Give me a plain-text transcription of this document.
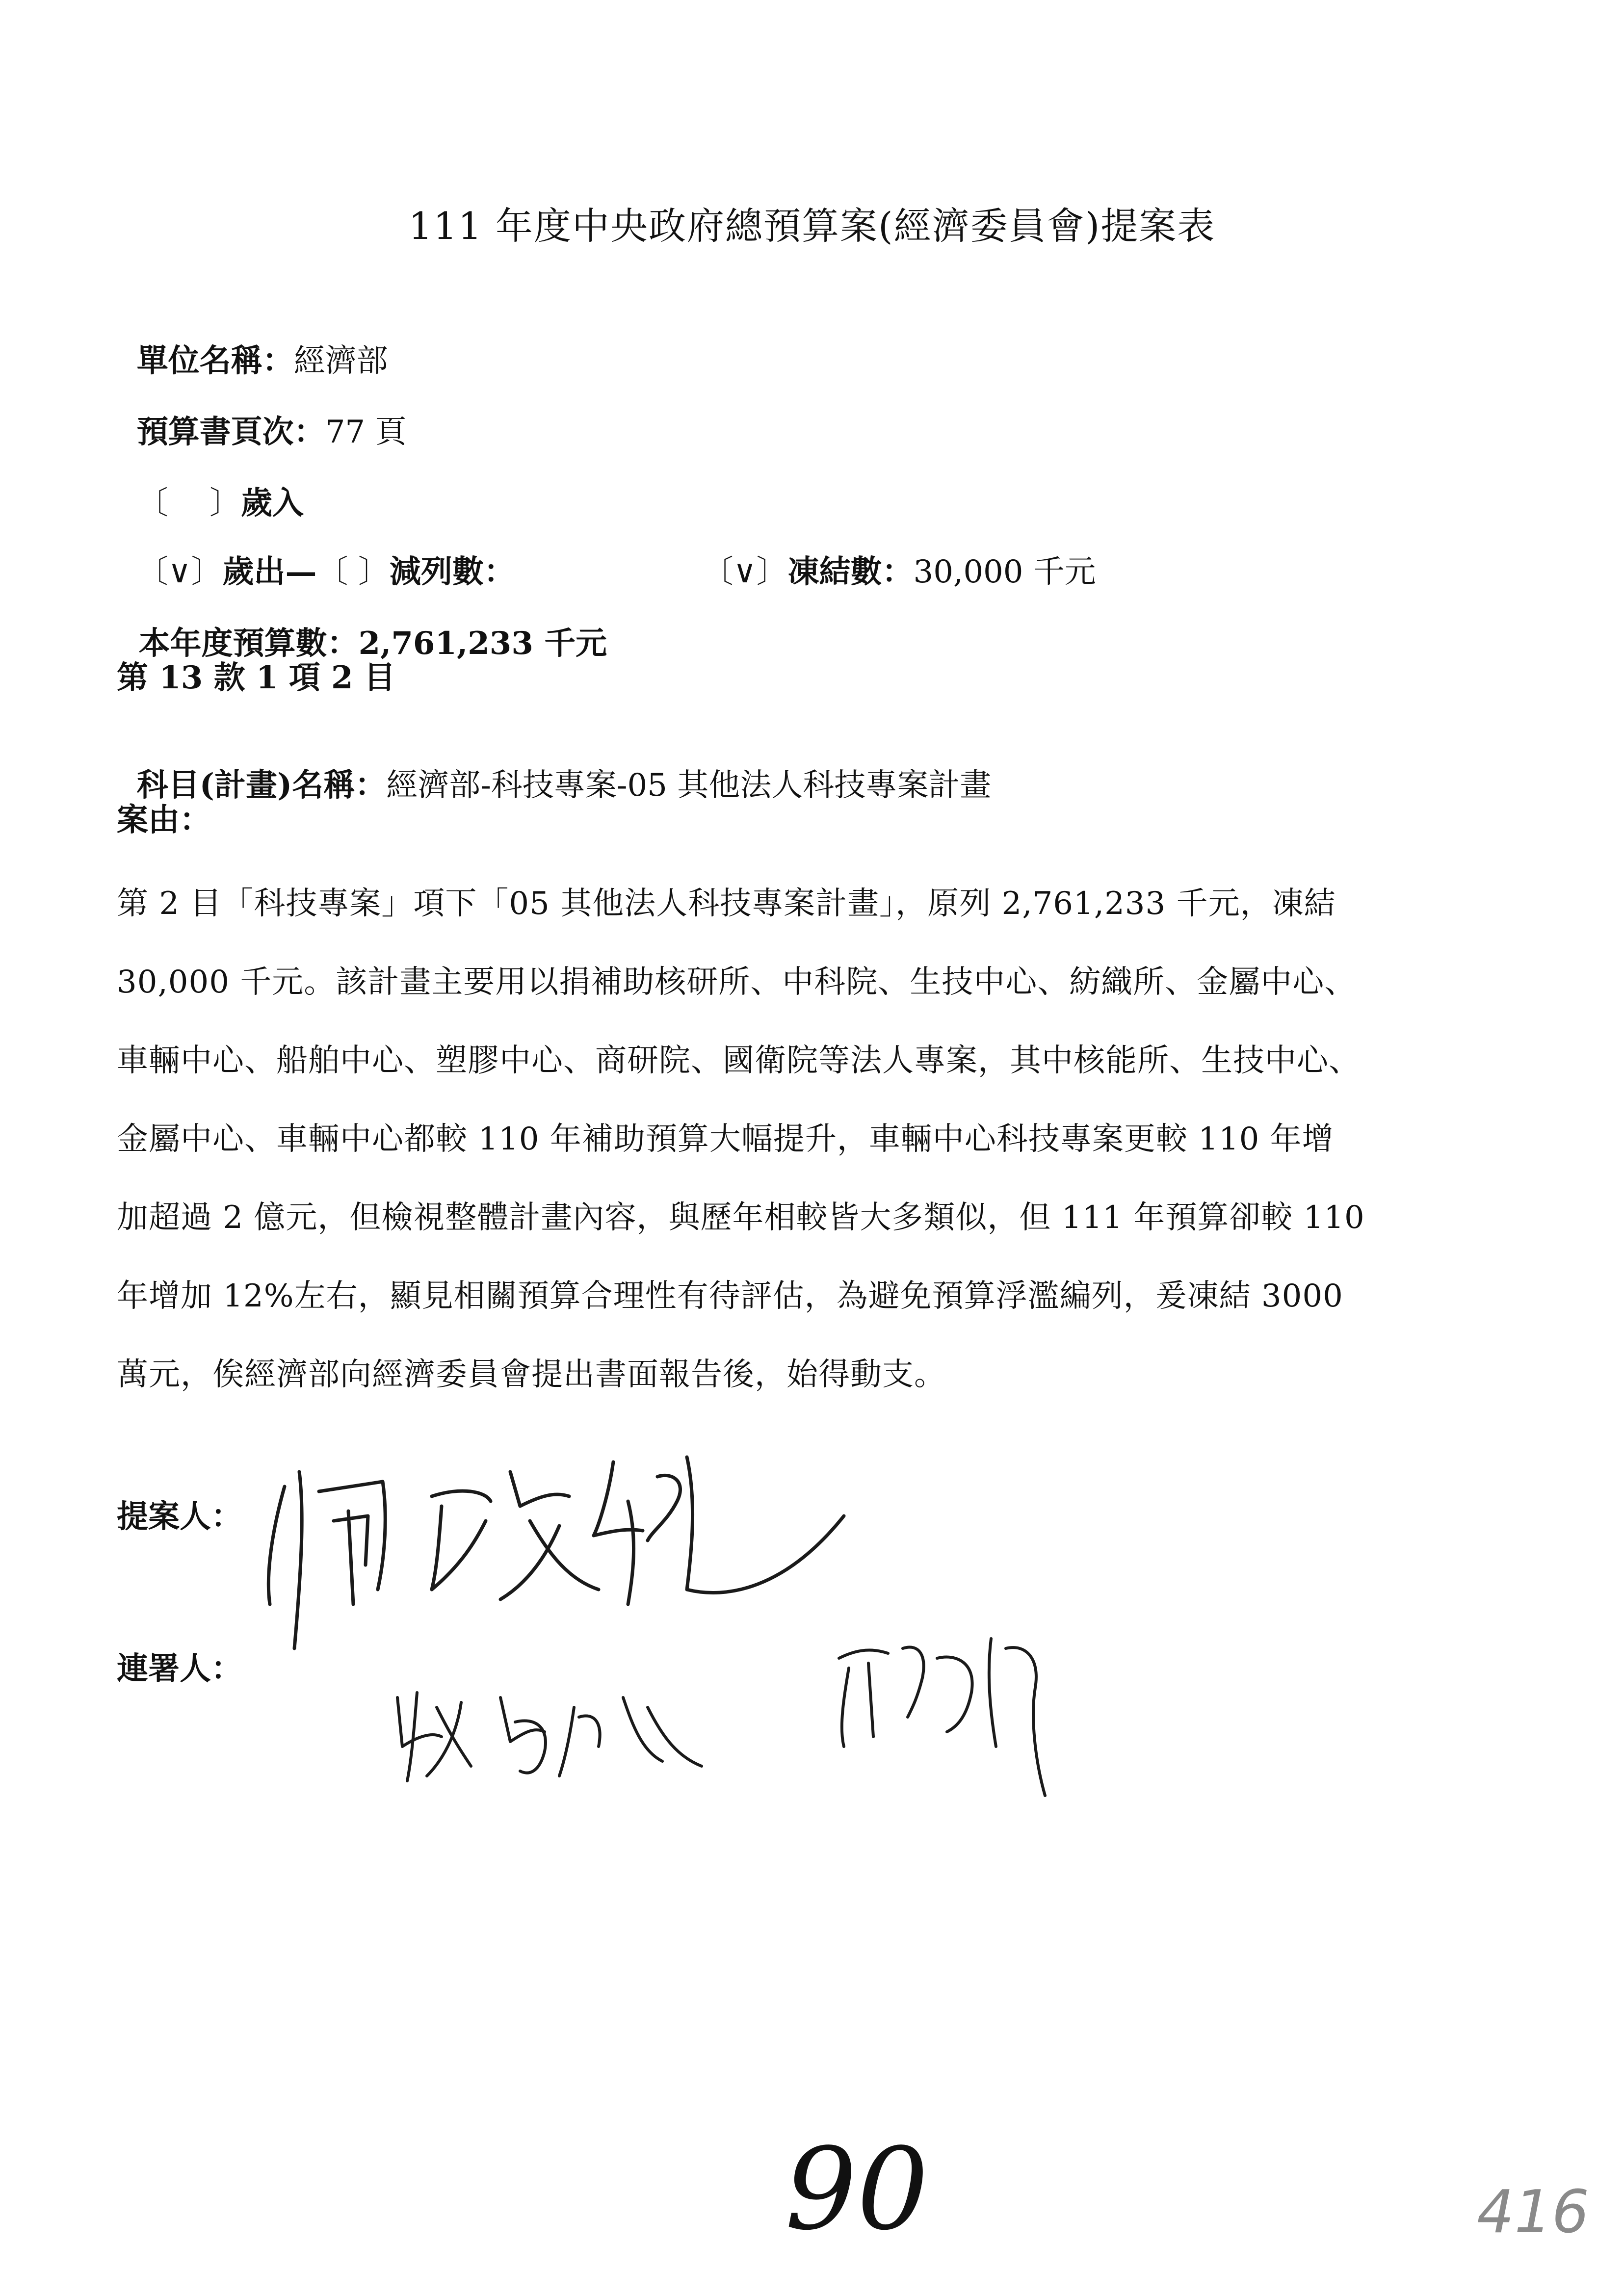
111 年度中央政府總預算案(經濟委員會)提案表

單位名稱：經濟部

預算書頁次：77 頁

〔　 〕歲入

〔∨〕歲出—〔 〕減列數：	〔∨〕凍結數：30,000 千元

本年度預算數：2,761,233 千元

第 13 款 1 項 2 目

科目(計畫)名稱：經濟部-科技專案-05 其他法人科技專案計畫

案由：
第 2 目「科技專案」項下「05 其他法人科技專案計畫」，原列 2,761,233 千元，凍結
30,000 千元。該計畫主要用以捐補助核研所、中科院、生技中心、紡織所、金屬中心、
車輛中心、船舶中心、塑膠中心、商研院、國衛院等法人專案，其中核能所、生技中心、
金屬中心、車輛中心都較 110 年補助預算大幅提升，車輛中心科技專案更較 110 年增
加超過 2 億元，但檢視整體計畫內容，與歷年相較皆大多類似，但 111 年預算卻較 110
年增加 12%左右，顯見相關預算合理性有待評估，為避免預算浮濫編列，爰凍結 3000
萬元，俟經濟部向經濟委員會提出書面報告後，始得動支。
提案人：
連署人：
90	416
